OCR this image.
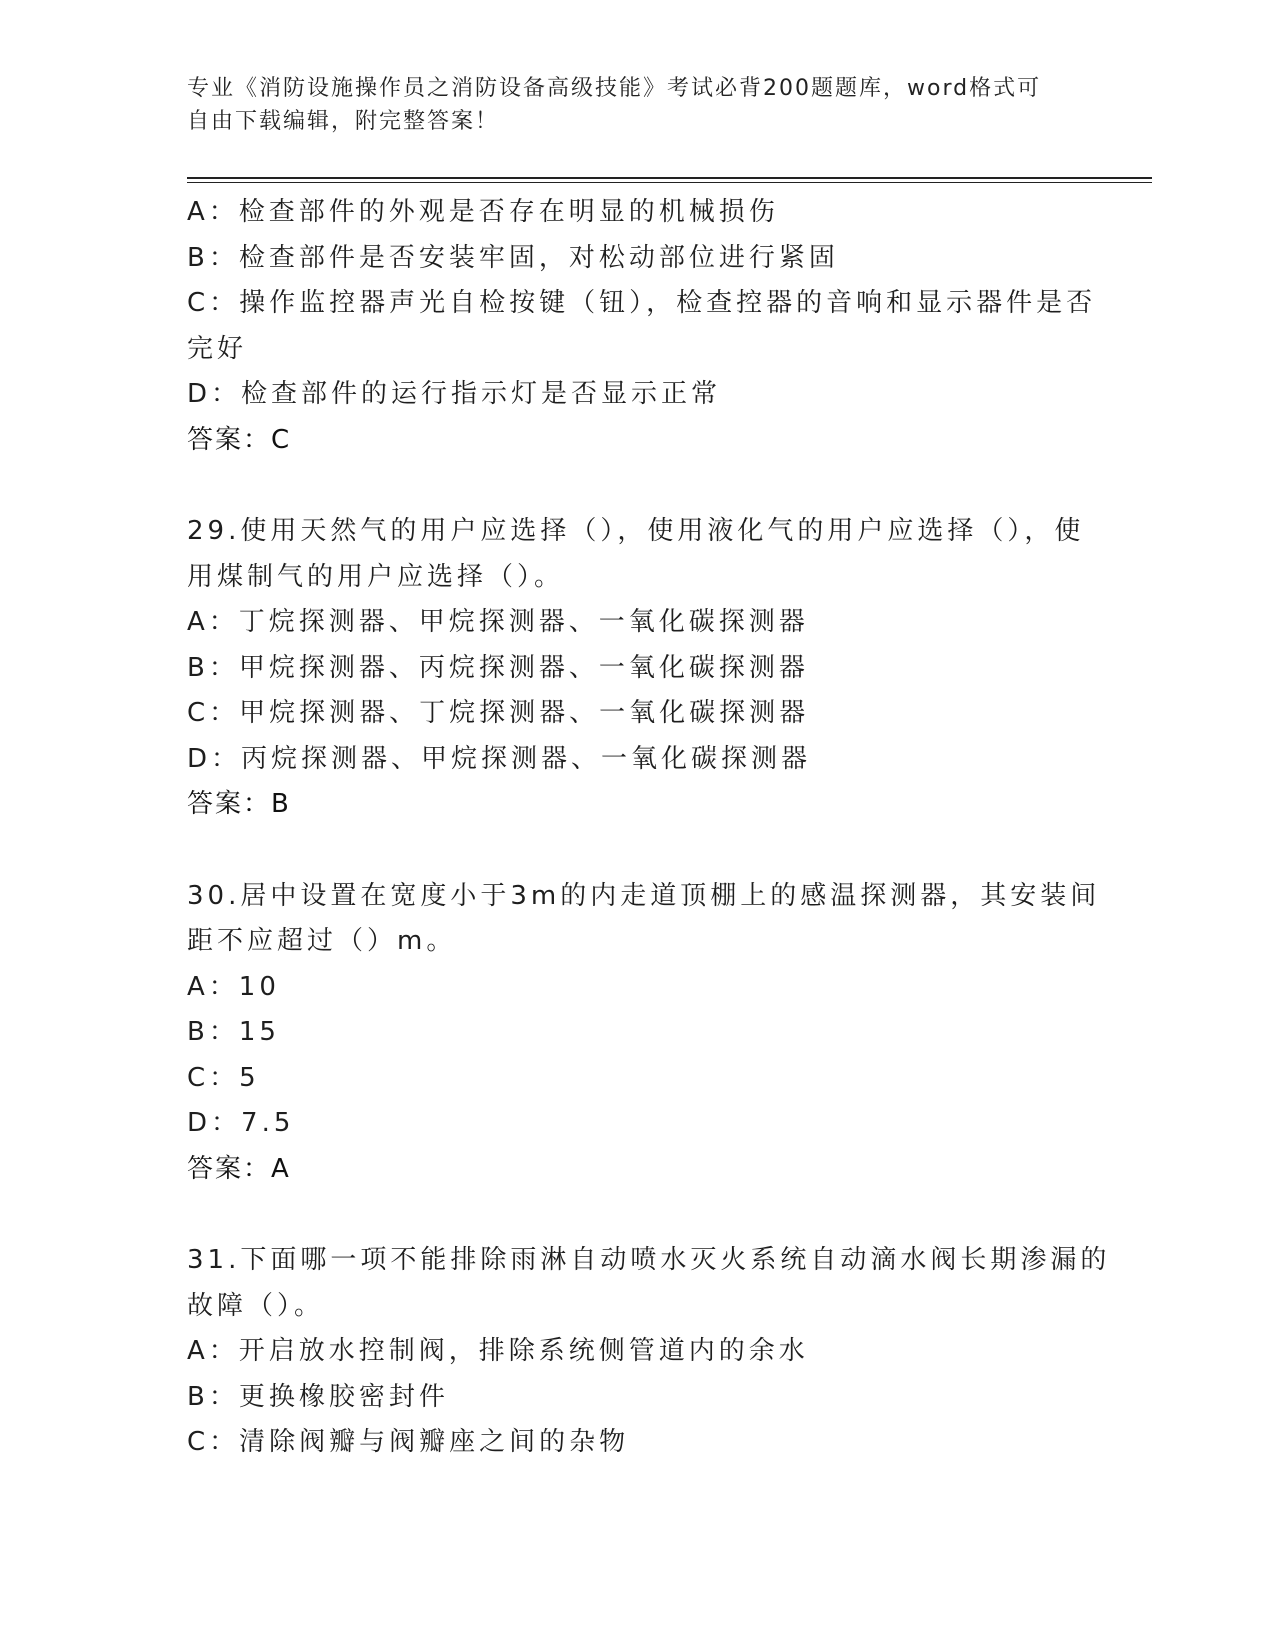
专业《消防设施操作员之消防设备高级技能》考试必背200题题库，word格式可
自由下载编辑，附完整答案！
A：检查部件的外观是否存在明显的机械损伤
B：检查部件是否安装牢固，对松动部位进行紧固
C：操作监控器声光自检按键（钮），检查控器的音响和显示器件是否
完好
D：检查部件的运行指示灯是否显示正常
答案：C
29.使用天然气的用户应选择（），使用液化气的用户应选择（），使
用煤制气的用户应选择（）。
A：丁烷探测器、甲烷探测器、一氧化碳探测器
B：甲烷探测器、丙烷探测器、一氧化碳探测器
C：甲烷探测器、丁烷探测器、一氧化碳探测器
D：丙烷探测器、甲烷探测器、一氧化碳探测器
答案：B
30.居中设置在宽度小于3m的内走道顶棚上的感温探测器，其安装间
距不应超过（）m。
A：10
B：15
C：5
D：7.5
答案：A
31.下面哪一项不能排除雨淋自动喷水灭火系统自动滴水阀长期渗漏的
故障（）。
A：开启放水控制阀，排除系统侧管道内的余水
B：更换橡胶密封件
C：清除阀瓣与阀瓣座之间的杂物
